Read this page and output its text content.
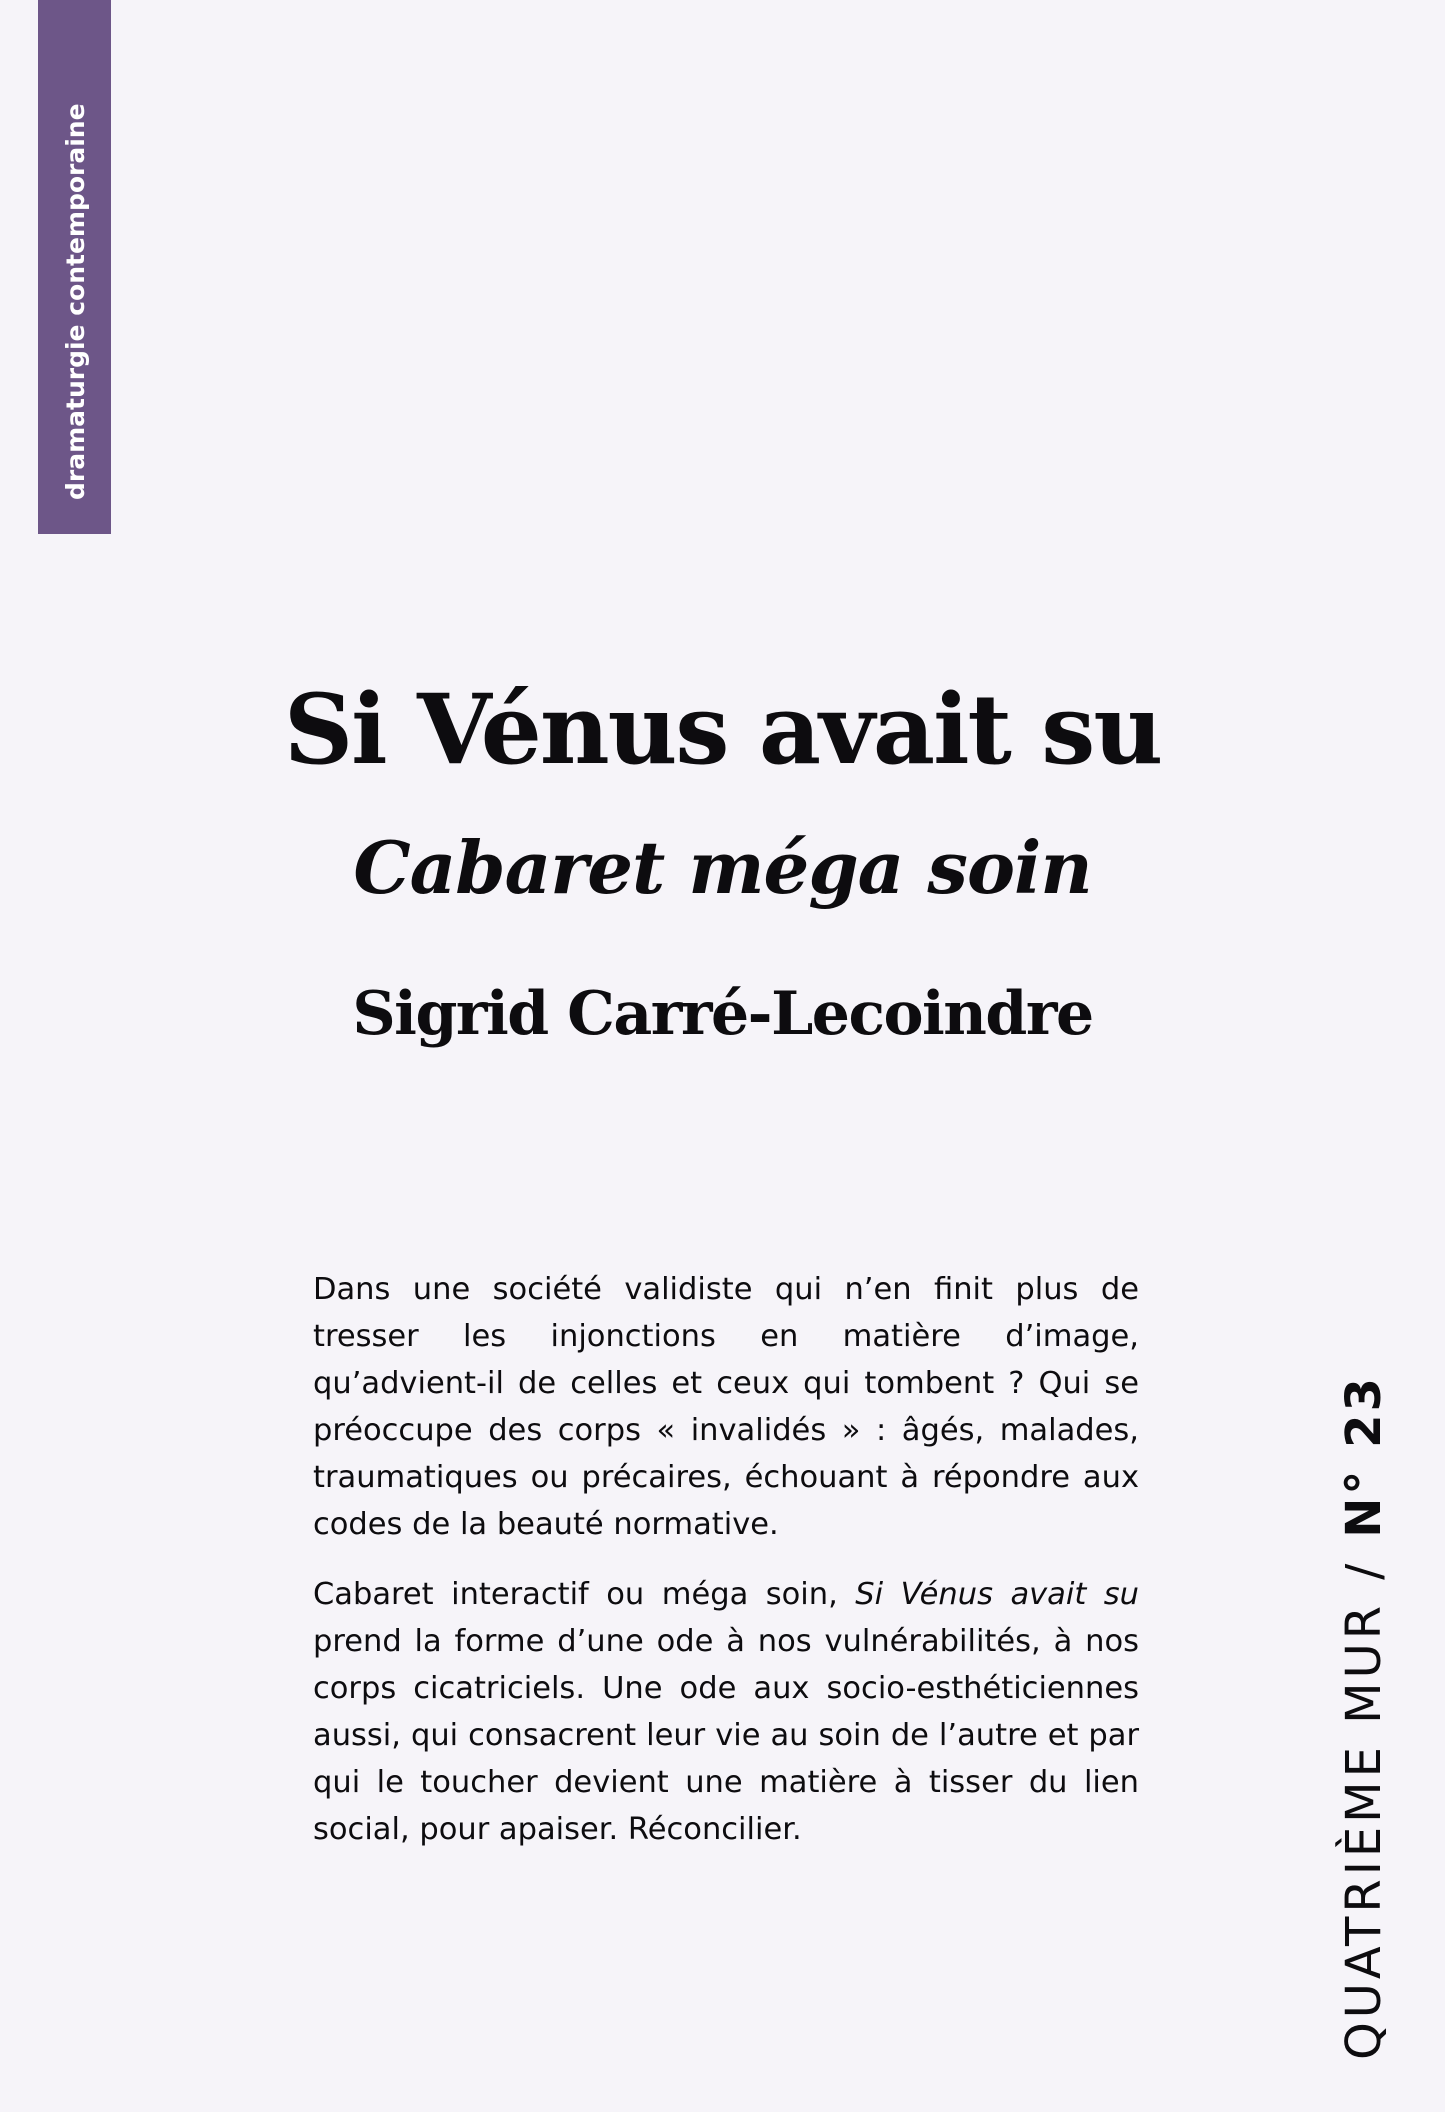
dramaturgie contemporaine
Si Vénus avait su
Cabaret méga soin
Sigrid Carré-Lecoindre

Dans une société validiste qui n’en finit plus de tresser les injonctions en matière d’image, qu’advient-il de celles et ceux qui tombent ? Qui se préoccupe des corps « invalidés » : âgés, malades, traumatiques ou précaires, échouant à répondre aux codes de la beauté normative.

Cabaret interactif ou méga soin, Si Vénus avait su prend la forme d’une ode à nos vulnérabilités, à nos corps cicatriciels. Une ode aux socio-esthéticiennes aussi, qui consacrent leur vie au soin de l’autre et par qui le toucher devient une matière à tisser du lien social, pour apaiser. Réconcilier.	QUATRIÈME MUR/N° 23
